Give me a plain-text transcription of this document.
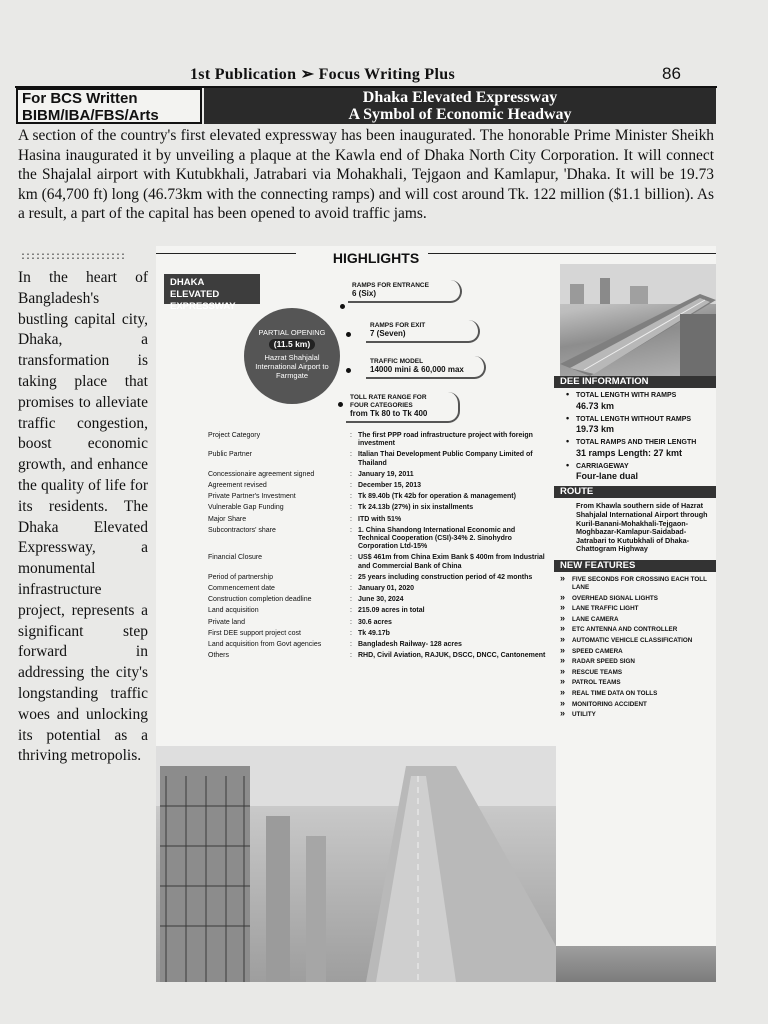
1st Publication ➢ Focus Writing Plus	86
For BCS Written
BIBM/IBA/FBS/Arts
Dhaka Elevated Expressway
A Symbol of Economic Headway
A section of the country's first elevated expressway has been inaugurated. The honorable Prime Minister Sheikh Hasina inaugurated it by unveiling a plaque at the Kawla end of Dhaka North City Corporation. It will connect the Shajalal airport with Kutubkhali, Jatrabari via Mohakhali, Tejgaon and Kamlapur, 'Dhaka. It will be 19.73 km (64,700 ft) long (46.73km with the connecting ramps) and will cost around Tk. 122 million ($1.1 billion). As a result, a part of the capital has been opened to avoid traffic jams.
:::::::::::::::::::::
In the heart of Bangladesh's bustling capital city, Dhaka, a transformation is taking place that promises to alleviate traffic congestion, boost economic growth, and enhance the quality of life for its residents. The Dhaka Elevated Expressway, a monumental infrastructure project, represents a significant step forward in addressing the city's longstanding traffic woes and unlocking its potential as a thriving metropolis.
HIGHLIGHTS
DHAKA ELEVATED EXPRESSWAY
PARTIAL OPENING
(11.5 km)
Hazrat Shahjalal International Airport to Farmgate
RAMPS FOR ENTRANCE
6 (Six)
RAMPS FOR EXIT
7 (Seven)
TRAFFIC MODEL
14000 mini & 60,000 max
TOLL RATE RANGE FOR FOUR CATEGORIES
from Tk 80 to Tk 400
Project Category	: The first PPP road infrastructure project with foreign investment
Public Partner	: Italian Thai Development Public Company Limited of Thailand
Concessionaire agreement signed	: January 19, 2011
Agreement revised	: December 15, 2013
Private Partner's Investment	: Tk 89.40b (Tk 42b for operation & management)
Vulnerable Gap Funding	: Tk 24.13b (27%) in six installments
Major Share	: ITD with 51%
Subcontractors' share	: 1. China Shandong International Economic and Technical Cooperation (CSI)-34% 2. Sinohydro Corporation Ltd-15%
Financial Closure	: US$ 461m from China Exim Bank $ 400m from Industrial and Commercial Bank of China
Period of partnership	: 25 years including construction period of 42 months
Commencement date	: January 01, 2020
Construction completion deadline	: June 30, 2024
Land acquisition	: 215.09 acres in total
Private land	: 30.6 acres
First DEE support project cost	: Tk 49.17b
Land acquisition from Govt agencies	: Bangladesh Railway- 128 acres
Others	: RHD, Civil Aviation, RAJUK, DSCC, DNCC, Cantonement
DEE INFORMATION
• TOTAL LENGTH WITH RAMPS
46.73 km
• TOTAL LENGTH WITHOUT RAMPS
19.73 km
• TOTAL RAMPS AND THEIR LENGTH
31 ramps Length: 27 kmt
• CARRIAGEWAY
Four-lane dual
ROUTE
From Khawla southern side of Hazrat Shahjalal International Airport through Kuril-Banani-Mohakhali-Tejgaon-Moghbazar-Kamlapur-Saidabad-Jatrabari to Kutubkhali of Dhaka-Chattogram Highway
NEW FEATURES
» FIVE SECONDS FOR CROSSING EACH TOLL LANE
» OVERHEAD SIGNAL LIGHTS
» LANE TRAFFIC LIGHT
» LANE CAMERA
» ETC ANTENNA AND CONTROLLER
» AUTOMATIC VEHICLE CLASSIFICATION
» SPEED CAMERA
» RADAR SPEED SIGN
» RESCUE TEAMS
» PATROL TEAMS
» REAL TIME DATA ON TOLLS
» MONITORING ACCIDENT
» UTILITY
